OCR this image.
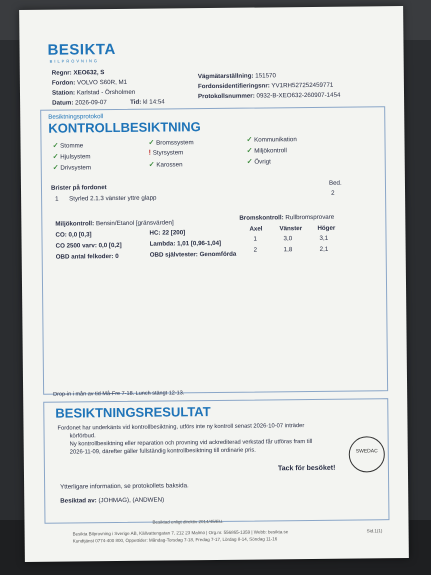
BESIKTA
BILPROVNING
Regnr: XEO632, S
Fordon: VOLVO S60R, M1
Station: Karlstad - Örsholmen
Datum: 2026-09-07	Tid: kl 14:54
Vägmätarställning: 151570
Fordonsidentifieringsnr: YV1RH527252459771
Protokollsnummer: 0932-B-XEO632-260907-1454
Besiktningsprotokoll
KONTROLLBESIKTNING
✓ Stomme
✓ Hjulsystem
✓ Drivsystem
✓ Bromssystem
! Styrsystem
✓ Karossen
✓ Kommunikation
✓ Miljökontroll
✓ Övrigt
Brister på fordonet
Bed.
1 Styrled 2.1.3 vänster yttre glapp
2
Miljökontroll: Bensin/Etanol [gränsvärden]
CO: 0,0 [0,3]	HC: 22 [200]
CO 2500 varv: 0,0 [0,2]	Lambda: 1,01 [0,96-1,04]
OBD antal felkoder: 0	OBD självtester: Genomförda
Bromskontroll: Rullbromsprovare
Axel	Vänster Höger
1	3,0	3,1
2	1,8	2,1
Drop-in i mån av tid Må-Fre 7-18. Lunch stängt 12-13.
BESIKTNINGSRESULTAT
Fordonet har underkänts vid kontrollbesiktning, utförs inte ny kontroll senast 2026-10-07 inträder
körförbud.
Ny kontrollbesiktning eller reparation och provning vid ackrediterad verkstad får utföras fram till
2026-11-09, därefter gäller fullständig kontrollbesiktning till ordinarie pris.
Tack för besöket!
Ytterligare information, se protokollets baksida.
Besiktad av: (JOHMAG), (ANDWEN)
SWEDAC
Besiktad enligt direktiv 2014/45/EU.
Besikta Bilprovning i Sverige AB, Källvattengatan 7, 212 23 Malmö | Org.nr. 556865-1359 | Webb: besikta.se
Kundtjänst 0774-400 800, Öppettider: Måndag-Torsdag 7-18, Fredag 7-17, Lördag 8-14, Söndag 11-16
Sid.1(1)
